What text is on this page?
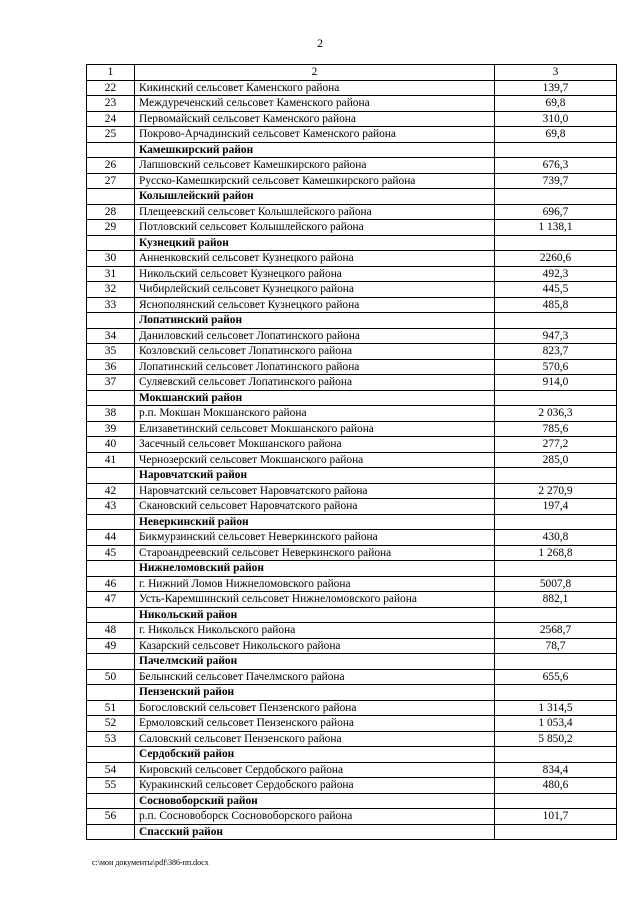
2
1	2	3
22	Кикинский сельсовет Каменского района	139,7
23	Междуреченский сельсовет Каменского района	69,8
24	Первомайский сельсовет Каменского района	310,0
25	Покрово-Арчадинский сельсовет Каменского района	69,8
	Камешкирский район	
26	Лапшовский сельсовет Камешкирского района	676,3
27	Русско-Камешкирский сельсовет Камешкирского района	739,7
	Колышлейский район	
28	Плещеевский сельсовет Колышлейского района	696,7
29	Потловский сельсовет Колышлейского района	1 138,1
	Кузнецкий район	
30	Анненковский сельсовет Кузнецкого района	2260,6
31	Никольский сельсовет Кузнецкого района	492,3
32	Чибирлейский сельсовет Кузнецкого района	445,5
33	Яснополянский сельсовет Кузнецкого района	485,8
	Лопатинский район	
34	Даниловский сельсовет Лопатинского района	947,3
35	Козловский сельсовет Лопатинского района	823,7
36	Лопатинский сельсовет Лопатинского района	570,6
37	Суляевский сельсовет Лопатинского района	914,0
	Мокшанский район	
38	р.п. Мокшан Мокшанского района	2 036,3
39	Елизаветинский сельсовет Мокшанского района	785,6
40	Засечный сельсовет Мокшанского района	277,2
41	Чернозерский сельсовет Мокшанского района	285,0
	Наровчатский район	
42	Наровчатский сельсовет Наровчатского района	2 270,9
43	Скановский сельсовет Наровчатского района	197,4
	Неверкинский район	
44	Бикмурзинский сельсовет Неверкинского района	430,8
45	Староандреевский сельсовет Неверкинского района	1 268,8
	Нижнеломовский район	
46	г. Нижний Ломов Нижнеломовского района	5007,8
47	Усть-Каремшинский сельсовет Нижнеломовского района	882,1
	Никольский район	
48	г. Никольск Никольского района	2568,7
49	Казарский сельсовет Никольского района	78,7
	Пачелмский район	
50	Белынский сельсовет Пачелмского района	655,6
	Пензенский район	
51	Богословский сельсовет Пензенского района	1 314,5
52	Ермоловский сельсовет Пензенского района	1 053,4
53	Саловский сельсовет Пензенского района	5 850,2
	Сердобский район	
54	Кировский сельсовет Сердобского района	834,4
55	Куракинский сельсовет Сердобского района	480,6
	Сосновоборский район	
56	р.п. Сосновоборск Сосновоборского района	101,7
	Спасский район	
c:\мои документы\pdf\386-пп.docx
